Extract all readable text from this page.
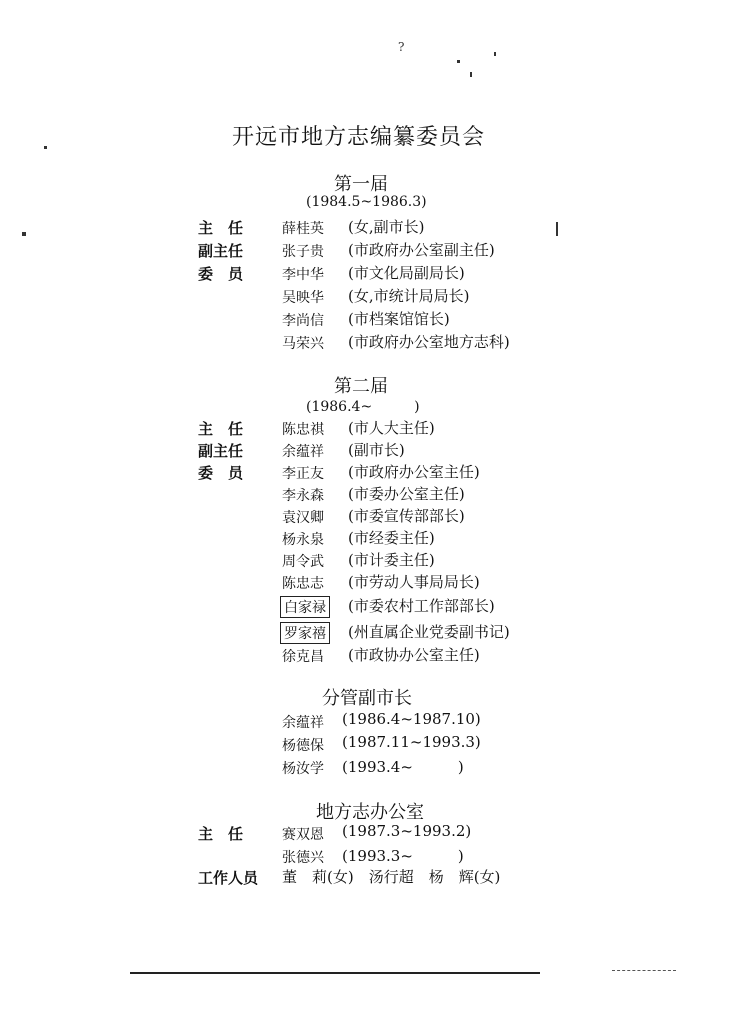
?
开远市地方志编纂委员会
第一届
(1984.5~1986.3)
主　任	薛桂英 (女,副市长)
副主任	张子贵 (市政府办公室副主任)
委　员	李中华 (市文化局副局长)
吴映华 (女,市统计局局长)
李尚信 (市档案馆馆长)
马荣兴 (市政府办公室地方志科)
第二届
(1986.4~　　　)
主　任	陈忠祺 (市人大主任)
副主任	余蕴祥 (副市长)
委　员	李正友 (市政府办公室主任)
李永森 (市委办公室主任)
袁汉卿 (市委宣传部部长)
杨永泉 (市经委主任)
周令武 (市计委主任)
陈忠志 (市劳动人事局局长)
白家禄 (市委农村工作部部长)
罗家禧 (州直属企业党委副书记)
徐克昌 (市政协办公室主任)
分管副市长
余蕴祥 (1986.4~1987.10)
杨德保 (1987.11~1993.3)
杨汝学 (1993.4~　　　)
地方志办公室
主　任	赛双恩 (1987.3~1993.2)
张德兴 (1993.3~　　　)
工作人员 董　莉(女)　汤行超　杨　辉(女)
